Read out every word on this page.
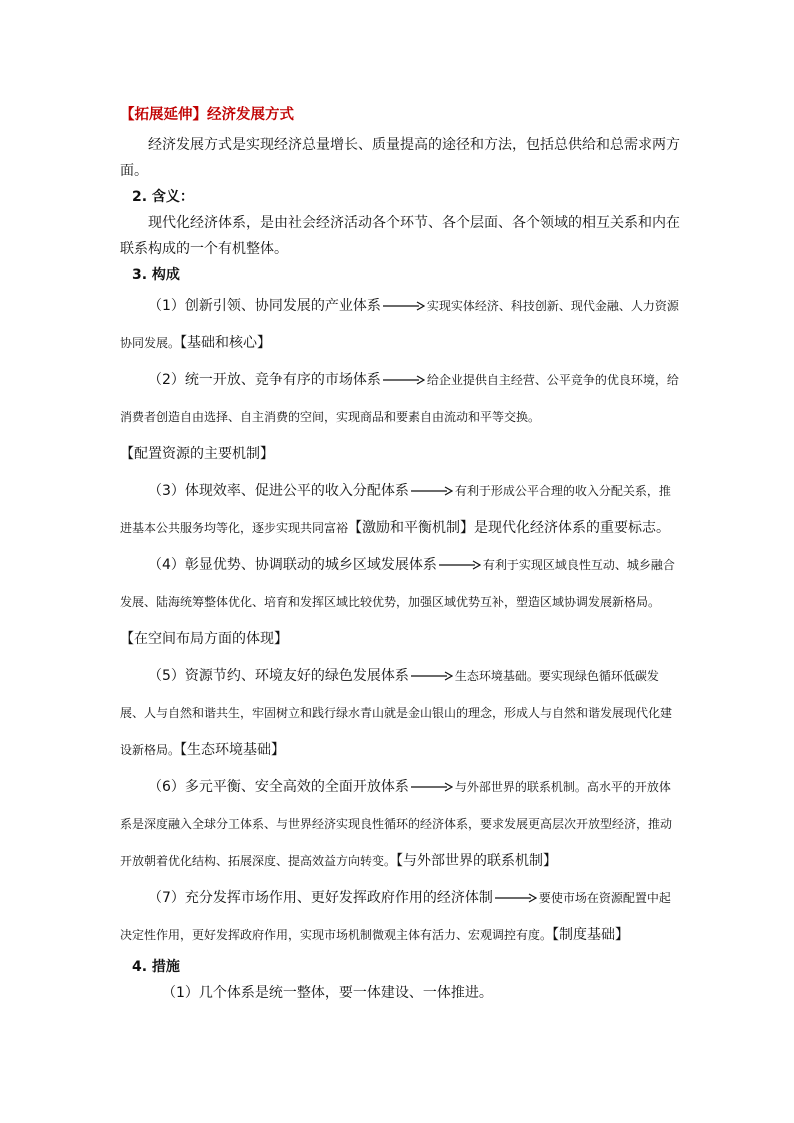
【拓展延伸】经济发展方式

经济发展方式是实现经济总量增长、质量提高的途径和方法，包括总供给和总需求两方面。

2. 含义：

现代化经济体系，是由社会经济活动各个环节、各个层面、各个领域的相互关系和内在联系构成的一个有机整体。

3. 构成

（1）创新引领、协同发展的产业体系	实现实体经济、科技创新、现代金融、人力资源协同发展。【基础和核心】

（2）统一开放、竞争有序的市场体系	给企业提供自主经营、公平竞争的优良环境，给消费者创造自由选择、自主消费的空间，实现商品和要素自由流动和平等交换。【配置资源的主要机制】

（3）体现效率、促进公平的收入分配体系	有利于形成公平合理的收入分配关系，推进基本公共服务均等化，逐步实现共同富裕【激励和平衡机制】是现代化经济体系的重要标志。

（4）彰显优势、协调联动的城乡区域发展体系	有利于实现区域良性互动、城乡融合发展、陆海统筹整体优化、培育和发挥区域比较优势，加强区域优势互补，塑造区域协调发展新格局。【在空间布局方面的体现】

（5）资源节约、环境友好的绿色发展体系	生态环境基础。要实现绿色循环低碳发展、人与自然和谐共生，牢固树立和践行绿水青山就是金山银山的理念，形成人与自然和谐发展现代化建设新格局。【生态环境基础】

（6）多元平衡、安全高效的全面开放体系	与外部世界的联系机制。高水平的开放体系是深度融入全球分工体系、与世界经济实现良性循环的经济体系，要求发展更高层次开放型经济，推动开放朝着优化结构、拓展深度、提高效益方向转变。【与外部世界的联系机制】

（7）充分发挥市场作用、更好发挥政府作用的经济体制	要使市场在资源配置中起决定性作用，更好发挥政府作用，实现市场机制微观主体有活力、宏观调控有度。【制度基础】

4. 措施

（1）几个体系是统一整体，要一体建设、一体推进。
